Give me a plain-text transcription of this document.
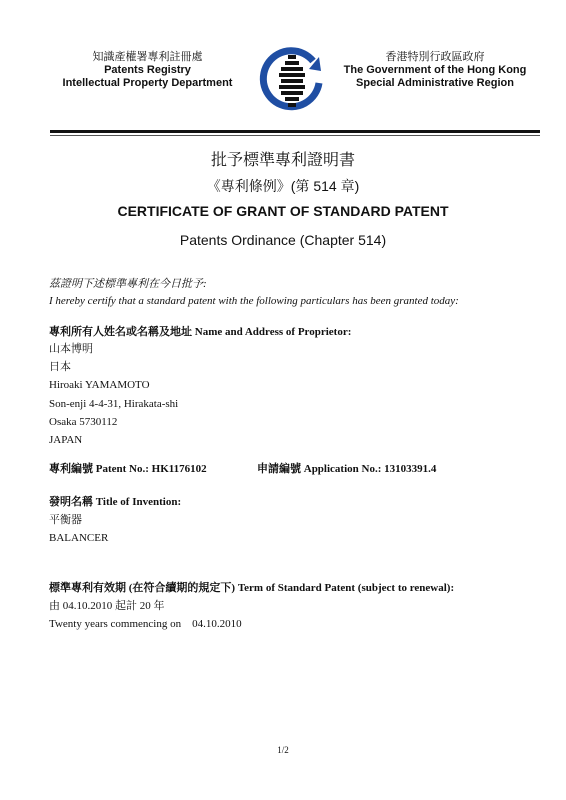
知識產權署專利註冊處
Patents Registry
Intellectual Property Department
香港特別行政區政府
The Government of the Hong Kong
Special Administrative Region
批予標準專利證明書
《專利條例》(第 514 章)
CERTIFICATE OF GRANT OF STANDARD PATENT
Patents Ordinance (Chapter 514)
茲證明下述標準專利在今日批予:
I hereby certify that a standard patent with the following particulars has been granted today:
專利所有人姓名或名稱及地址 Name and Address of Proprietor:
山本博明
日本
Hiroaki YAMAMOTO
Son-enji 4-4-31, Hirakata-shi
Osaka 5730112
JAPAN
專利編號 Patent No.: HK1176102	申請編號 Application No.: 13103391.4
發明名稱 Title of Invention:
平衡器
BALANCER
標準專利有效期 (在符合續期的規定下) Term of Standard Patent (subject to renewal):
由 04.10.2010 起計 20 年
Twenty years commencing on    04.10.2010
1/2
